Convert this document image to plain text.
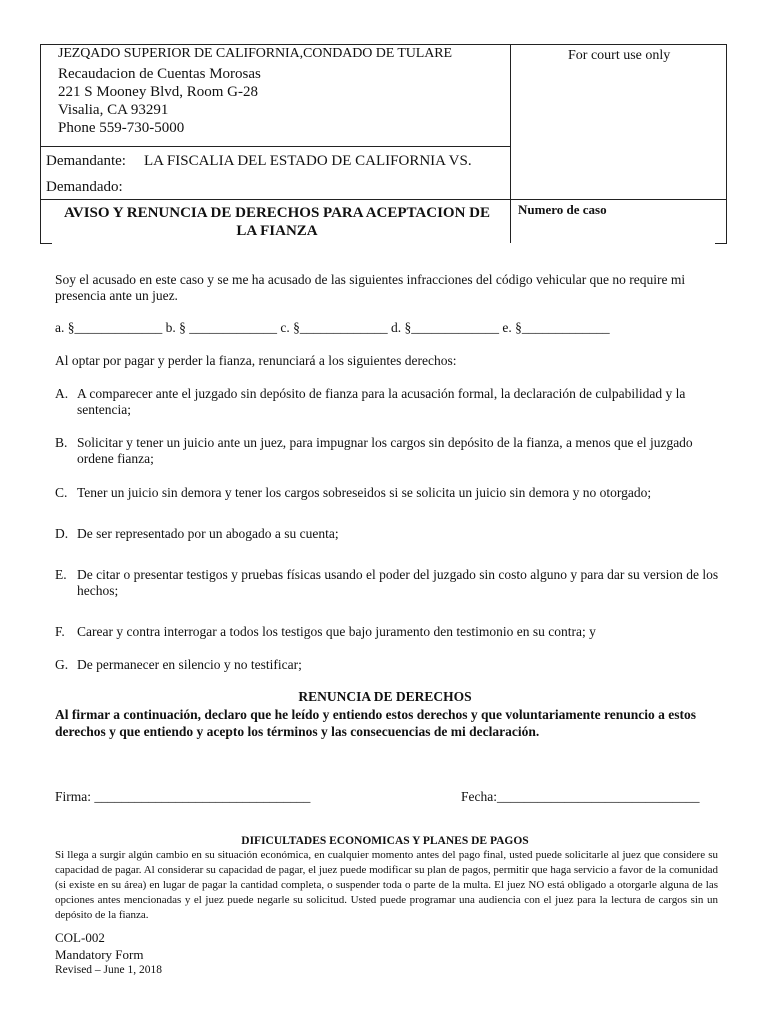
JEZQADO SUPERIOR DE CALIFORNIA,CONDADO DE TULARE
Recaudacion de Cuentas Morosas
221 S Mooney Blvd, Room G-28
Visalia, CA 93291
Phone 559-730-5000
For court use only
Demandante: LA FISCALIA DEL ESTADO DE CALIFORNIA VS.
Demandado:
AVISO Y RENUNCIA DE DERECHOS PARA ACEPTACION DE
LA FIANZA
Numero de caso
Soy el acusado en este caso y se me ha acusado de las siguientes infracciones del código vehicular que no require mi presencia ante un juez.
a. §_____________ b. § _____________ c. §_____________ d. §_____________ e. §_____________
Al optar por pagar y perder la fianza, renunciará a los siguientes derechos:
A. A comparecer ante el juzgado sin depósito de fianza para la acusación formal, la declaración de culpabilidad y la sentencia;
B. Solicitar y tener un juicio ante un juez, para impugnar los cargos sin depósito de la fianza, a menos que el juzgado ordene fianza;
C. Tener un juicio sin demora y tener los cargos sobreseidos si se solicita un juicio sin demora y no otorgado;
D. De ser representado por un abogado a su cuenta;
E. De citar o presentar testigos y pruebas físicas usando el poder del juzgado sin costo alguno y para dar su version de los hechos;
F. Carear y contra interrogar a todos los testigos que bajo juramento den testimonio en su contra; y
G. De permanecer en silencio y no testificar;
RENUNCIA DE DERECHOS
Al firmar a continuación, declaro que he leído y entiendo estos derechos y que voluntariamente renuncio a estos derechos y que entiendo y acepto los términos y las consecuencias de mi declaración.
Firma: ________________________________	Fecha:______________________________
DIFICULTADES ECONOMICAS Y PLANES DE PAGOS
Si llega a surgir algún cambio en su situación económica, en cualquier momento antes del pago final, usted puede solicitarle al juez que considere su capacidad de pagar. Al considerar su capacidad de pagar, el juez puede modificar su plan de pagos, permitir que haga servicio a favor de la comunidad (si existe en su área) en lugar de pagar la cantidad completa, o suspender toda o parte de la multa. El juez NO está obligado a otorgarle alguna de las opciones antes mencionadas y el juez puede negarle su solicitud. Usted puede programar una audiencia con el juez para la lectura de cargos sin un depósito de la fianza.
COL-002
Mandatory Form
Revised – June 1, 2018
